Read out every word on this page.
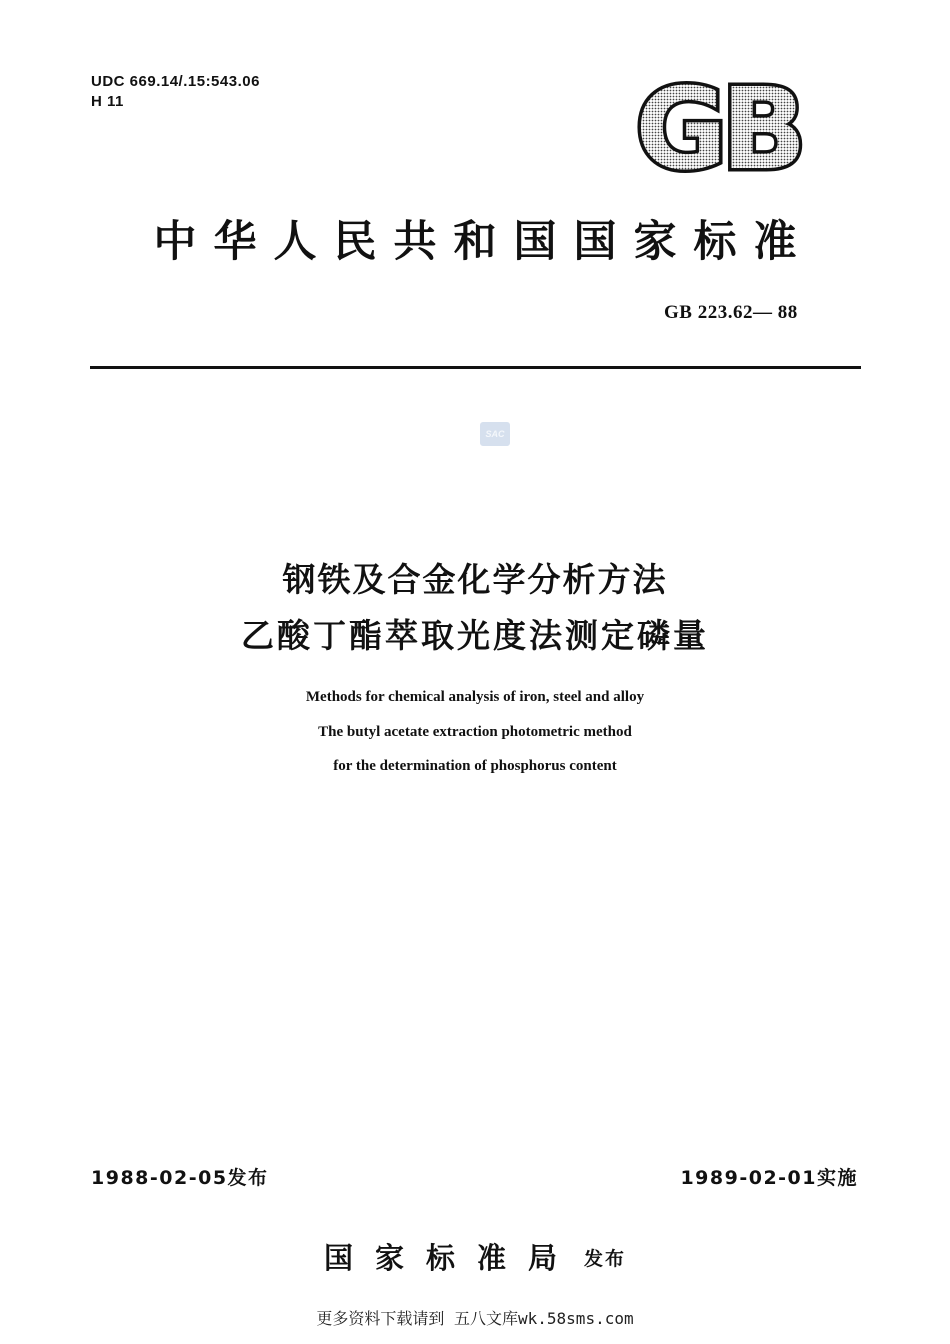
UDC 669.14/.15:543.06
H 11	GB
中华人民共和国国家标准
GB 223.62— 88
SAC
钢铁及合金化学分析方法
乙酸丁酯萃取光度法测定磷量
Methods for chemical analysis of iron, steel and alloy
The butyl acetate extraction photometric method
for the determination of phosphorus content
1988-02-05发布	1989-02-01实施
国家标准局 发布
更多资料下载请到 五八文库wk.58sms.com
